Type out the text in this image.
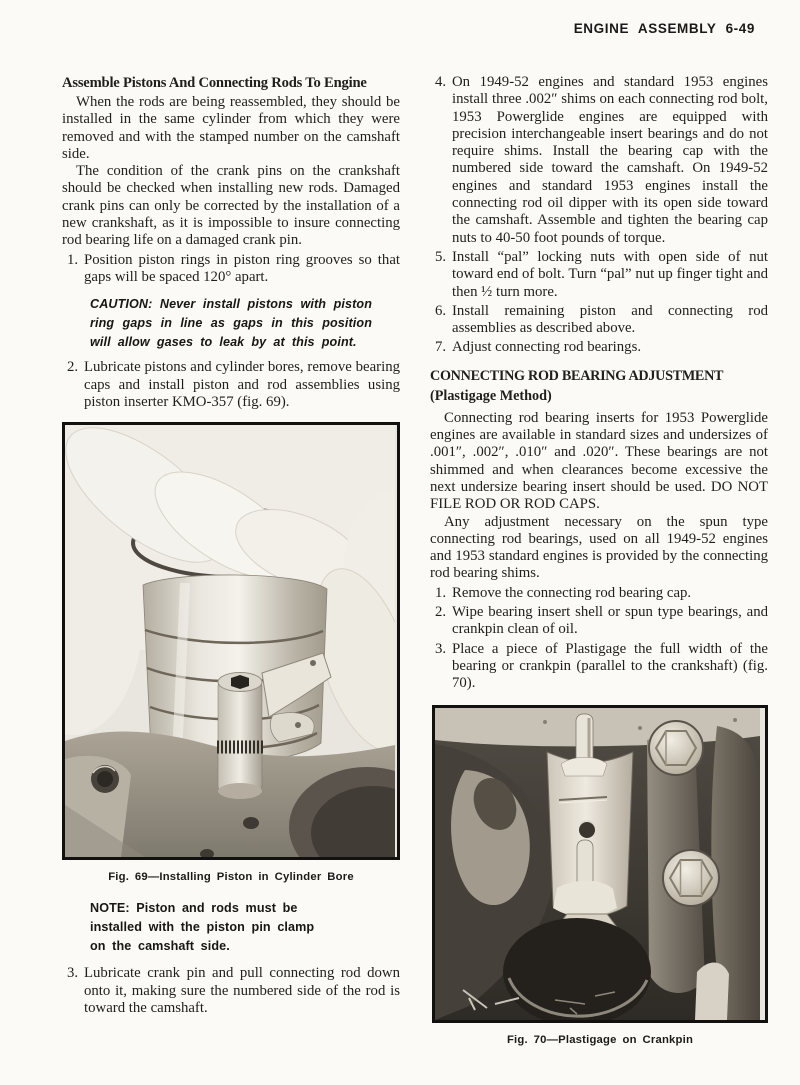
ENGINE ASSEMBLY 6-49
Assemble Pistons And Connecting Rods To Engine

When the rods are being reassembled, they should be installed in the same cylinder from which they were removed and with the stamped number on the camshaft side.

The condition of the crank pins on the crankshaft should be checked when installing new rods. Damaged crank pins can only be corrected by the installation of a new crankshaft, as it is impossible to insure connecting rod bearing life on a damaged crank pin.

1. Position piston rings in piston ring grooves so that gaps will be spaced 120° apart.
CAUTION: Never install pistons with piston ring gaps in line as gaps in this position will allow gases to leak by at this point.
2. Lubricate pistons and cylinder bores, remove bearing caps and install piston and rod assemblies using piston inserter KMO-357 (fig. 69).
Fig. 69—Installing Piston in Cylinder Bore
NOTE: Piston and rods must be installed with the piston pin clamp on the camshaft side.
3. Lubricate crank pin and pull connecting rod down onto it, making sure the numbered side of the rod is toward the camshaft.
4. On 1949-52 engines and standard 1953 engines install three .002″ shims on each connecting rod bolt, 1953 Powerglide engines are equipped with precision interchangeable insert bearings and do not require shims. Install the bearing cap with the numbered side toward the camshaft. On 1949-52 engines and standard 1953 engines install the connecting rod oil dipper with its open side toward the camshaft. Assemble and tighten the bearing cap nuts to 40-50 foot pounds of torque.
5. Install “pal” locking nuts with open side of nut toward end of bolt. Turn “pal” nut up finger tight and then ½ turn more.
6. Install remaining piston and connecting rod assemblies as described above.
7. Adjust connecting rod bearings.
CONNECTING ROD BEARING ADJUSTMENT
(Plastigage Method)

Connecting rod bearing inserts for 1953 Powerglide engines are available in standard sizes and undersizes of .001″, .002″, .010″ and .020″. These bearings are not shimmed and when clearances become excessive the next undersize bearing insert should be used. DO NOT FILE ROD OR ROD CAPS.

Any adjustment necessary on the spun type connecting rod bearings, used on all 1949-52 engines and 1953 standard engines is provided by the connecting rod bearing shims.

1. Remove the connecting rod bearing cap.
2. Wipe bearing insert shell or spun type bearings, and crankpin clean of oil.
3. Place a piece of Plastigage the full width of the bearing or crankpin (parallel to the crankshaft) (fig. 70).
Fig. 70—Plastigage on Crankpin
